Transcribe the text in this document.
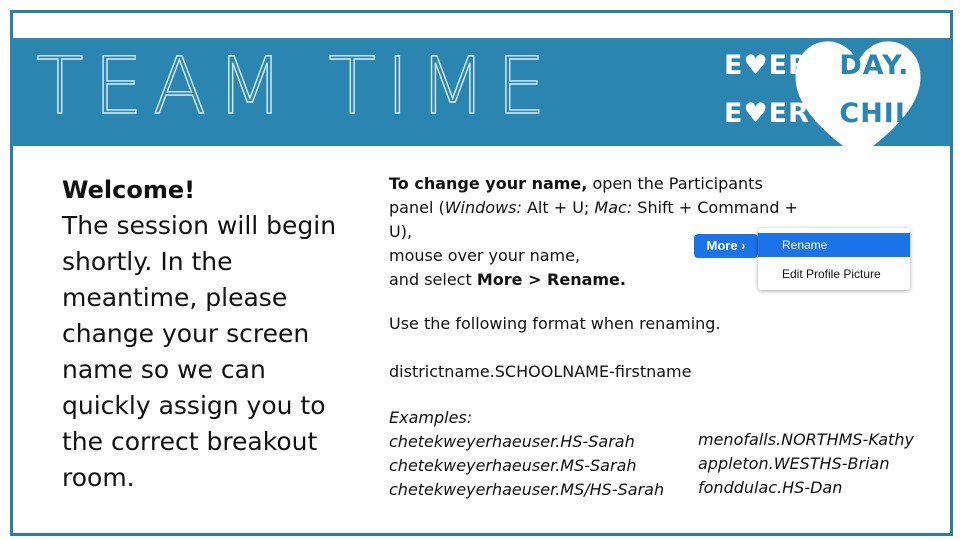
TEAM TIME	E♥ERY DAY.
E♥ERY CHILD.
Welcome!
The session will begin shortly. In the meantime, please change your screen name so we can quickly assign you to the correct breakout room.
To change your name, open the Participants panel (Windows: Alt + U; Mac: Shift + Command + U),
mouse over your name,
and select More > Rename.
More ›	Rename
Edit Profile Picture
Use the following format when renaming.
districtname.SCHOOLNAME-firstname
Examples:
chetekweyerhaeuser.HS-Sarah
chetekweyerhaeuser.MS-Sarah
chetekweyerhaeuser.MS/HS-Sarah
menofalls.NORTHMS-Kathy
appleton.WESTHS-Brian
fonddulac.HS-Dan
